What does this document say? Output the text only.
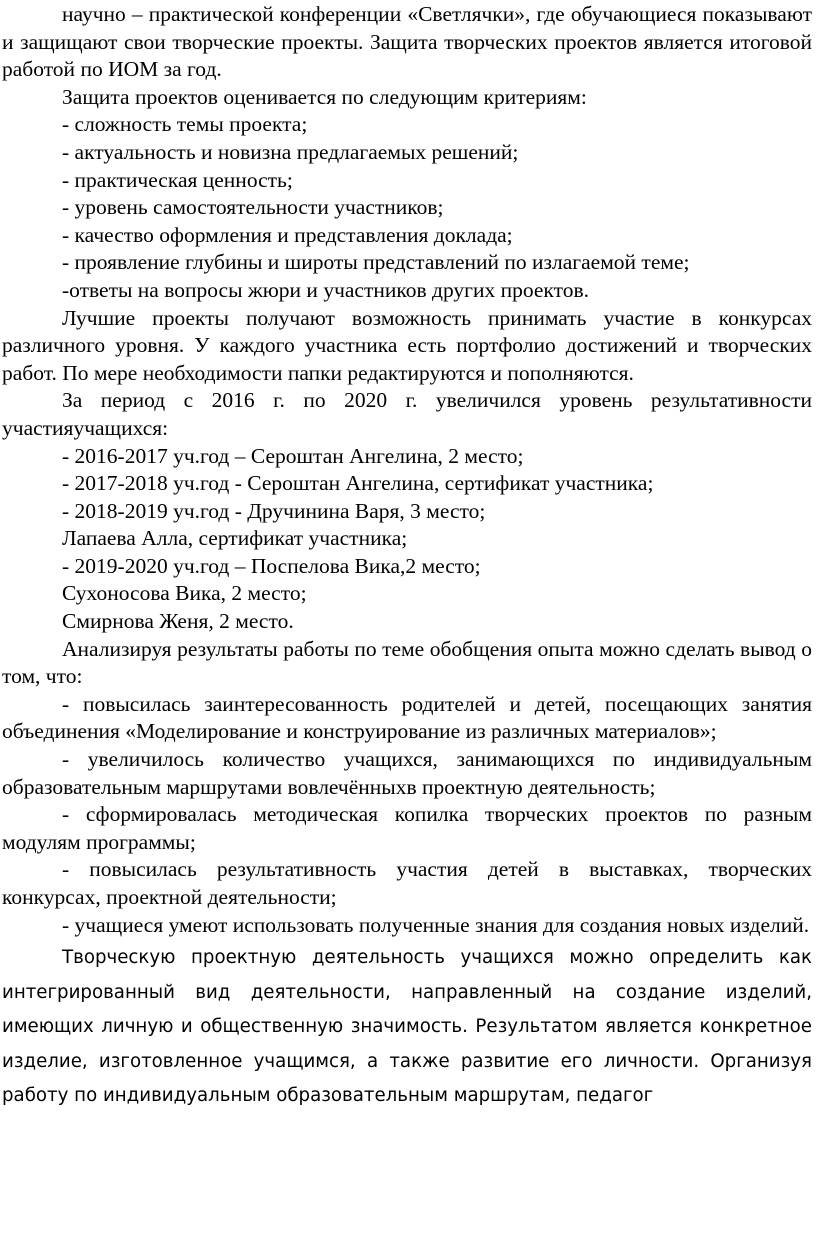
научно – практической конференции «Светлячки», где обучающиеся показывают и защищают свои творческие проекты. Защита творческих проектов является итоговой работой по ИОМ за год.

Защита проектов оценивается по следующим критериям:

- сложность темы проекта;

- актуальность и новизна предлагаемых решений;

- практическая ценность;

- уровень самостоятельности участников;

- качество оформления и представления доклада;

- проявление глубины и широты представлений по излагаемой теме;

-ответы на вопросы жюри и участников других проектов.

Лучшие проекты получают возможность принимать участие в конкурсах различного уровня. У каждого участника есть портфолио достижений и творческих работ. По мере необходимости папки редактируются и пополняются.

За период с 2016 г. по 2020 г. увеличился уровень результативности участияучащихся:

- 2016-2017 уч.год – Сероштан Ангелина, 2 место;

- 2017-2018 уч.год - Сероштан Ангелина, сертификат участника;

- 2018-2019 уч.год - Дручинина Варя, 3 место;

Лапаева Алла, сертификат участника;

- 2019-2020 уч.год – Поспелова Вика,2 место;

Сухоносова Вика, 2 место;

Смирнова Женя, 2 место.

Анализируя результаты работы по теме обобщения опыта можно сделать вывод о том, что:

- повысилась заинтересованность родителей и детей, посещающих занятия объединения «Моделирование и конструирование из различных материалов»;

- увеличилось количество учащихся, занимающихся по индивидуальным образовательным маршрутами вовлечённыхв проектную деятельность;

- сформировалась методическая копилка творческих проектов по разным модулям программы;

- повысилась результативность участия детей в выставках, творческих конкурсах, проектной деятельности;

- учащиеся умеют использовать полученные знания для создания новых изделий.

Творческую проектную деятельность учащихся можно определить как интегрированный вид деятельности, направленный на создание изделий, имеющих личную и общественную значимость. Результатом является конкретное изделие, изготовленное учащимся, а также развитие его личности. Организуя работу по индивидуальным образовательным маршрутам, педагог
